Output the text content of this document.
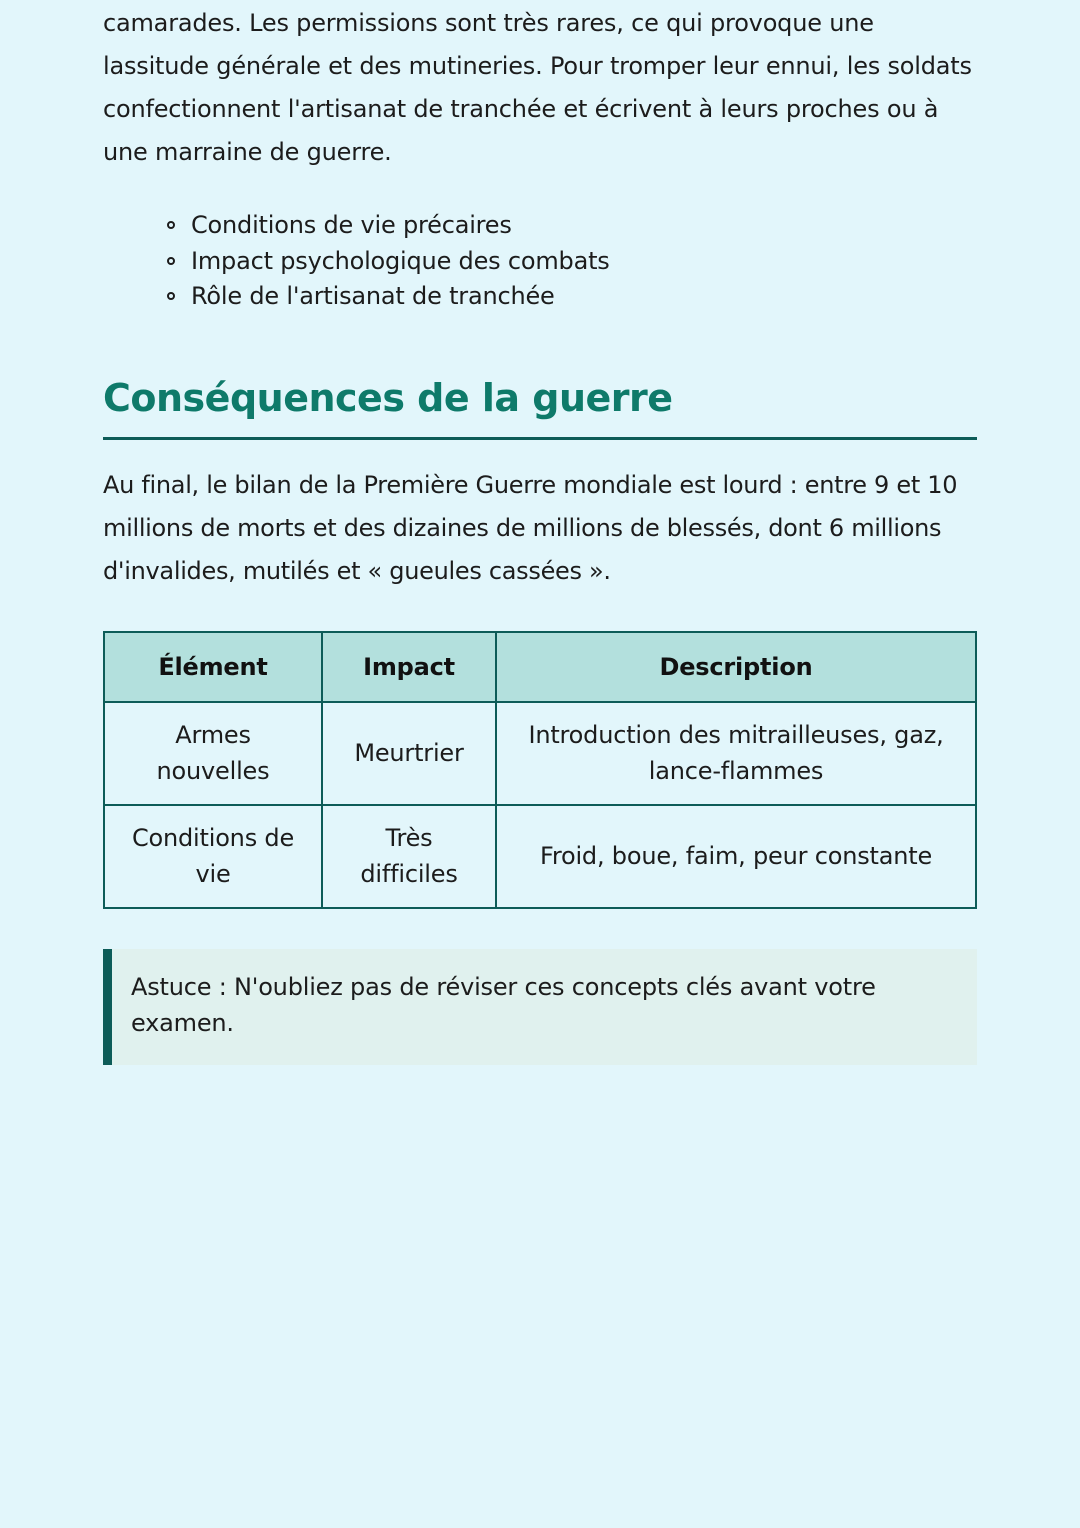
camarades. Les permissions sont très rares, ce qui provoque une lassitude générale et des mutineries. Pour tromper leur ennui, les soldats confectionnent l'artisanat de tranchée et écrivent à leurs proches ou à une marraine de guerre.

Conditions de vie précaires
Impact psychologique des combats
Rôle de l'artisanat de tranchée
Conséquences de la guerre

Au final, le bilan de la Première Guerre mondiale est lourd : entre 9 et 10 millions de morts et des dizaines de millions de blessés, dont 6 millions d'invalides, mutilés et « gueules cassées ».

Élément	Impact	Description
Armes nouvelles	Meurtrier	Introduction des mitrailleuses, gaz, lance-flammes
Conditions de vie	Très difficiles	Froid, boue, faim, peur constante
Astuce : N'oubliez pas de réviser ces concepts clés avant votre examen.
